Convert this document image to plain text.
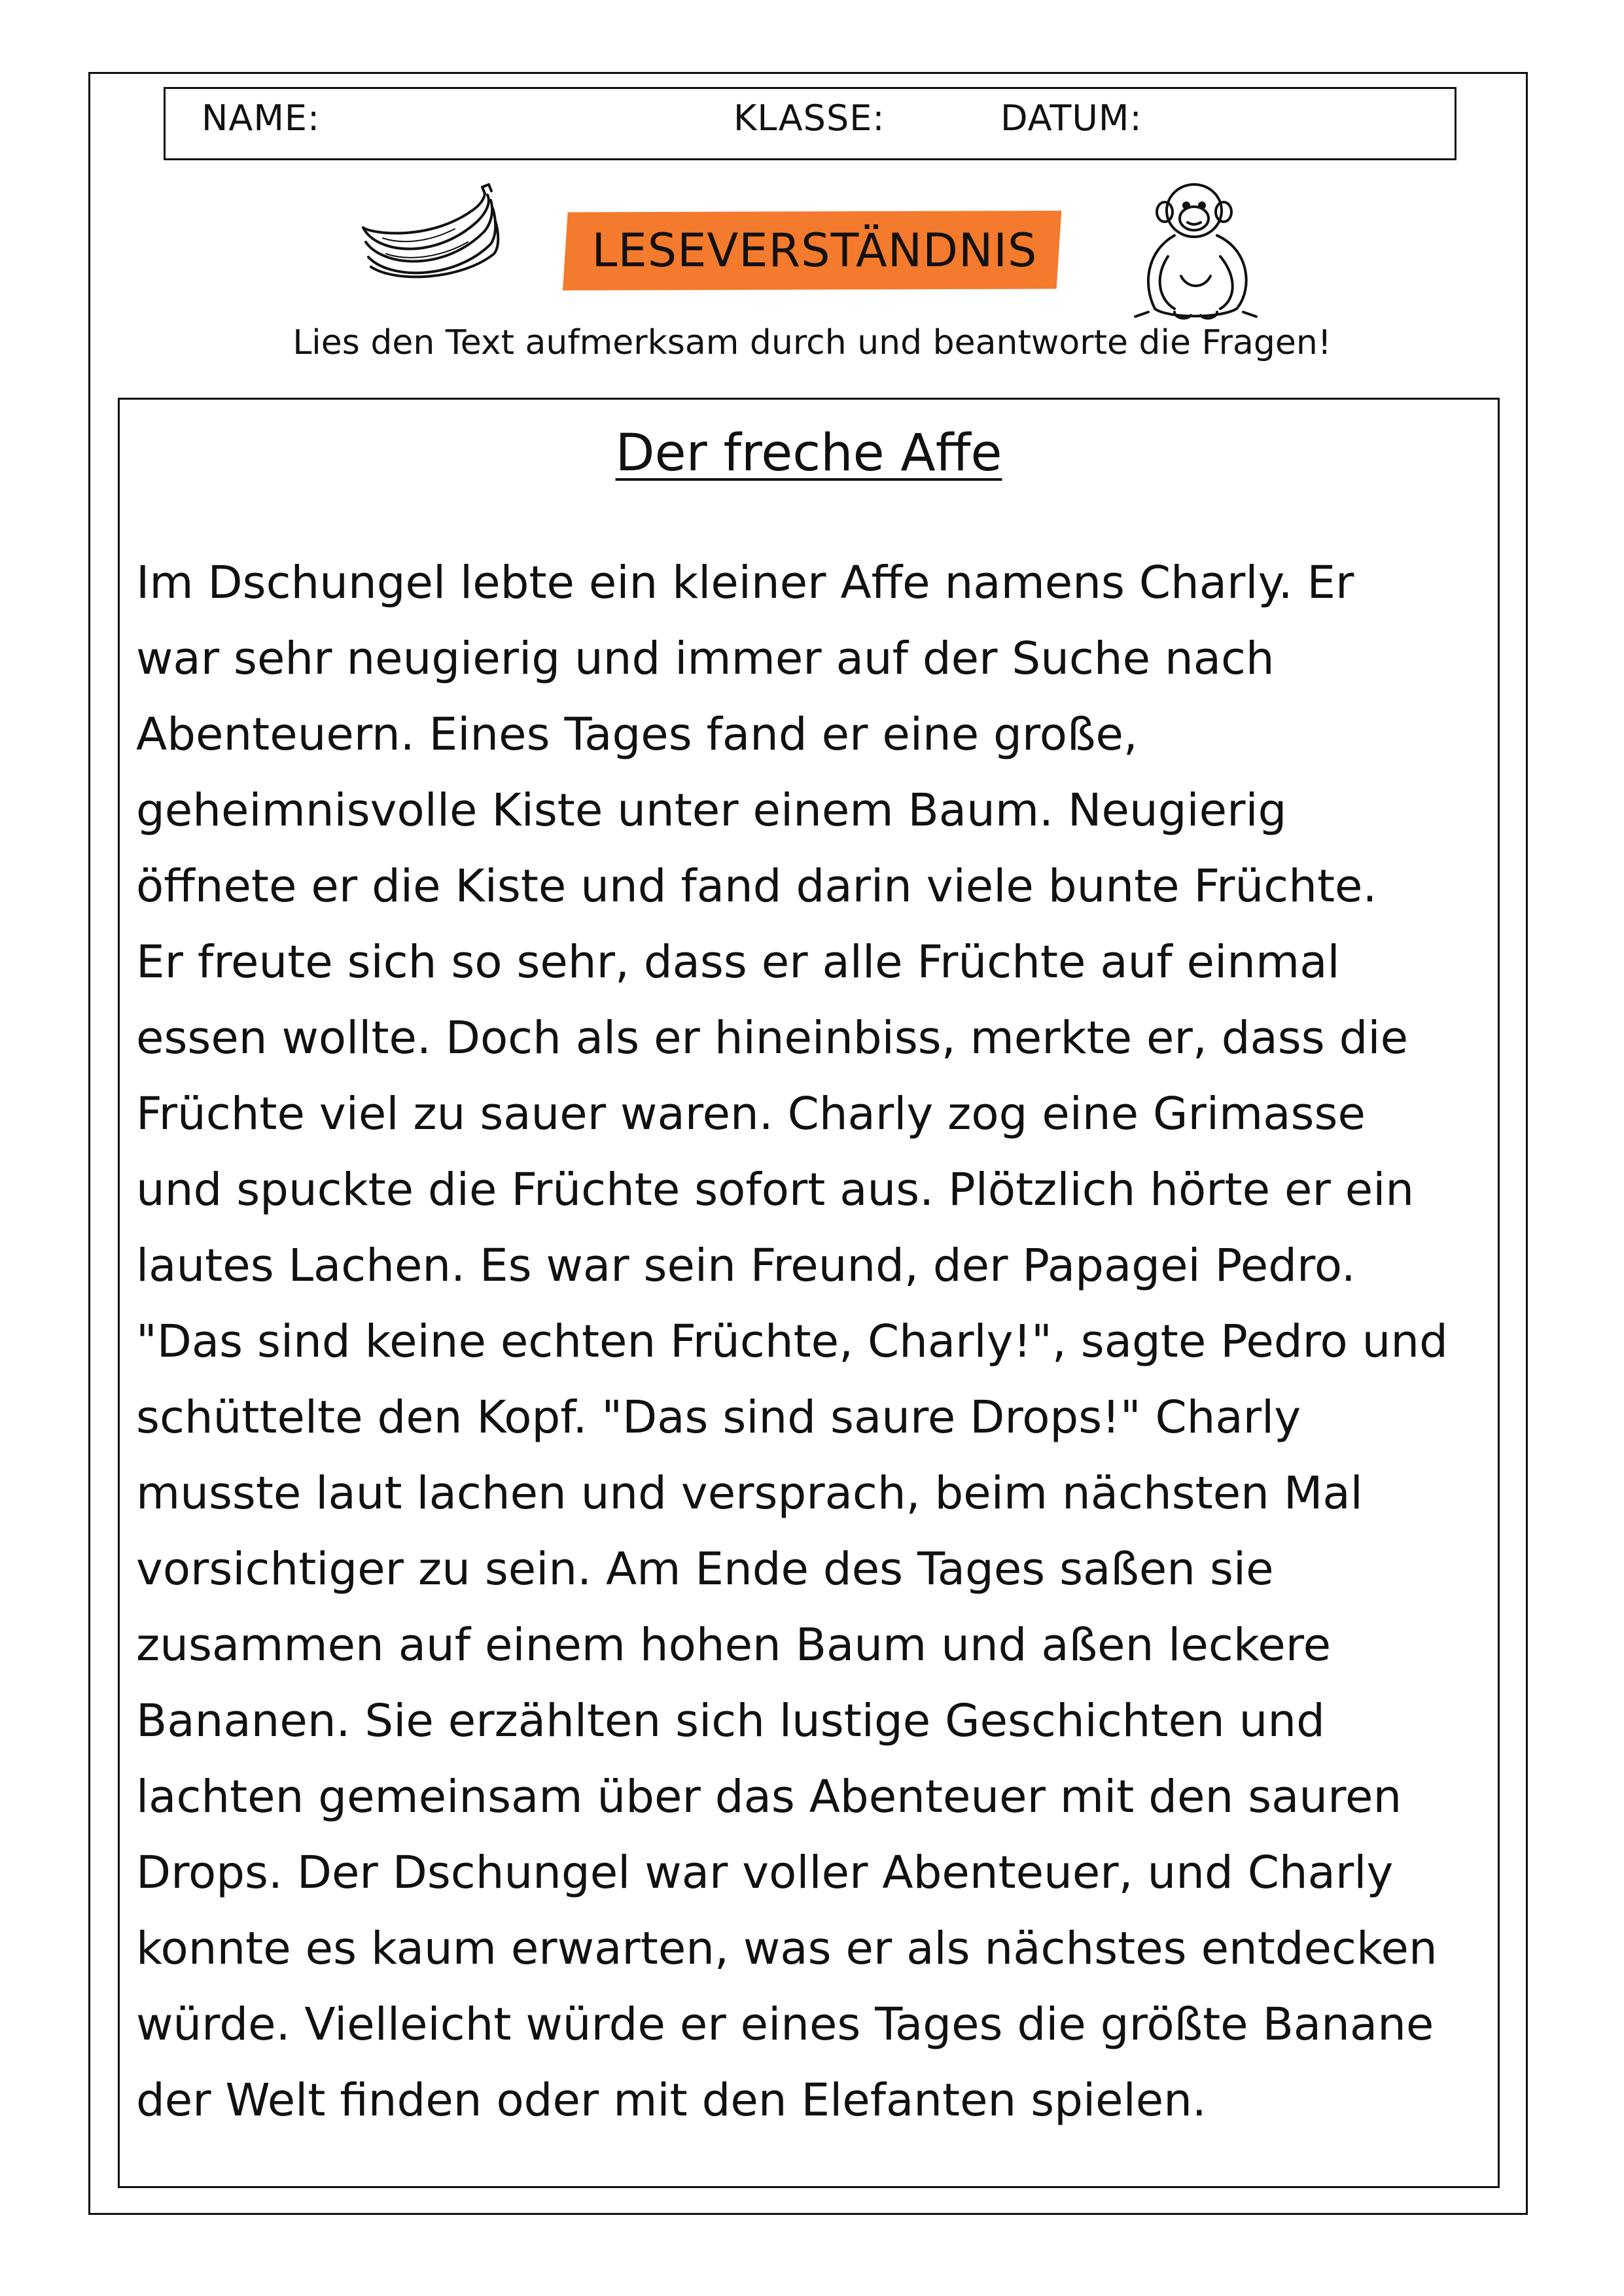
NAME:	KLASSE:	DATUM:
LESEVERSTÄNDNIS
Lies den Text aufmerksam durch und beantworte die Fragen!
Der freche Affe
Im Dschungel lebte ein kleiner Affe namens Charly. Er
war sehr neugierig und immer auf der Suche nach
Abenteuern. Eines Tages fand er eine große,
geheimnisvolle Kiste unter einem Baum. Neugierig
öffnete er die Kiste und fand darin viele bunte Früchte.
Er freute sich so sehr, dass er alle Früchte auf einmal
essen wollte. Doch als er hineinbiss, merkte er, dass die
Früchte viel zu sauer waren. Charly zog eine Grimasse
und spuckte die Früchte sofort aus. Plötzlich hörte er ein
lautes Lachen. Es war sein Freund, der Papagei Pedro.
"Das sind keine echten Früchte, Charly!", sagte Pedro und
schüttelte den Kopf. "Das sind saure Drops!" Charly
musste laut lachen und versprach, beim nächsten Mal
vorsichtiger zu sein. Am Ende des Tages saßen sie
zusammen auf einem hohen Baum und aßen leckere
Bananen. Sie erzählten sich lustige Geschichten und
lachten gemeinsam über das Abenteuer mit den sauren
Drops. Der Dschungel war voller Abenteuer, und Charly
konnte es kaum erwarten, was er als nächstes entdecken
würde. Vielleicht würde er eines Tages die größte Banane
der Welt finden oder mit den Elefanten spielen.
